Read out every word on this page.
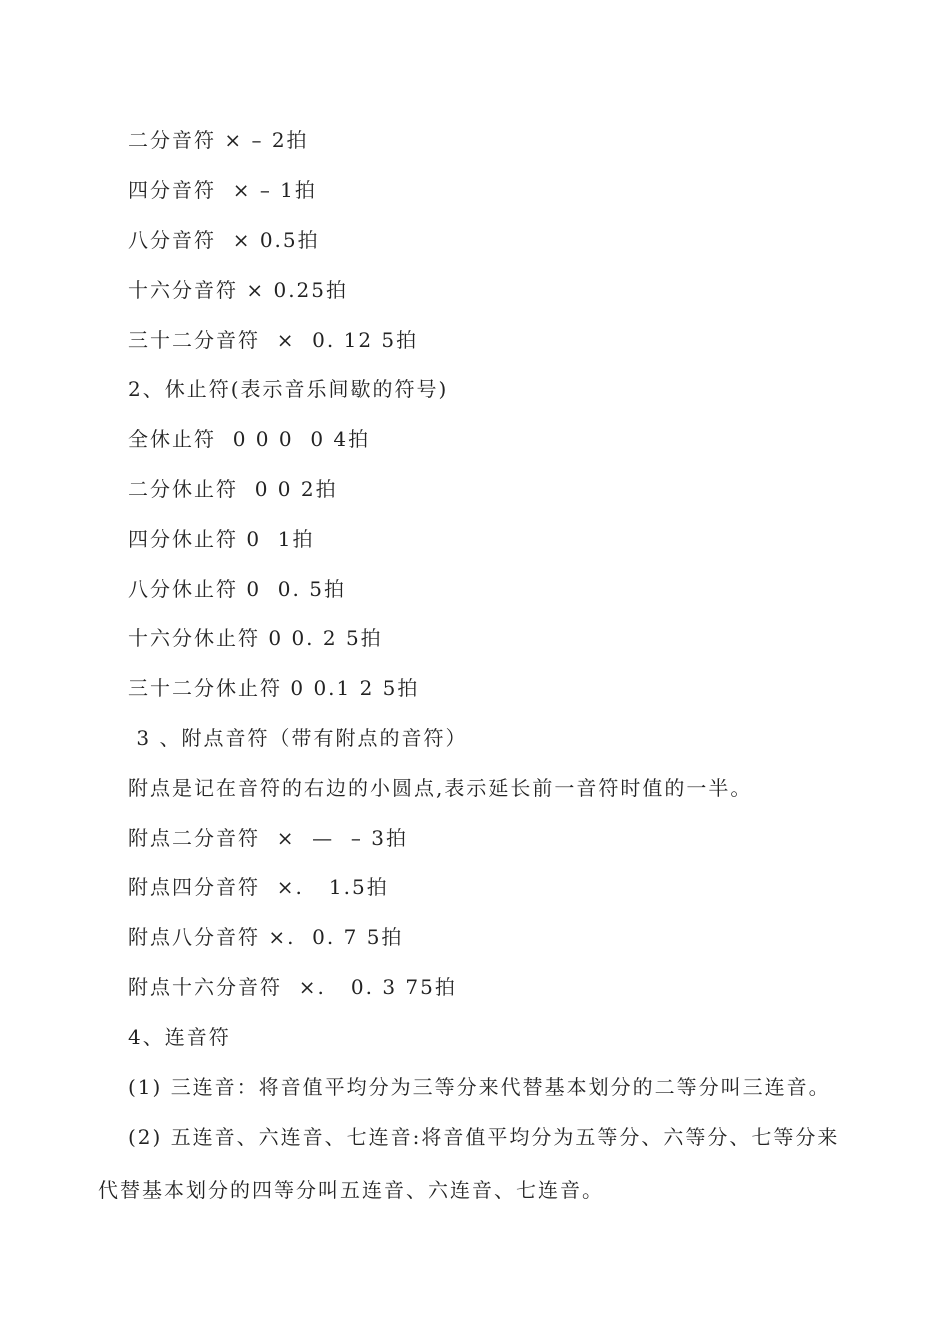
二分音符 × – 2拍
四分音符  × – 1拍
八分音符  × 0.5拍
十六分音符 × 0.25拍
三十二分音符  ×  0. 12 5拍
2、休止符(表示音乐间歇的符号)
全休止符  0 0 0  0 4拍
二分休止符  0 0 2拍
四分休止符 0  1拍
八分休止符 0  0. 5拍
十六分休止符 0 0. 2 5拍
三十二分休止符 0 0.1 2 5拍
3 、附点音符（带有附点的音符）
附点是记在音符的右边的小圆点,表示延长前一音符时值的一半。
附点二分音符  ×  —  – 3拍
附点四分音符  ×.   1.5拍
附点八分音符 ×.  0. 7 5拍
附点十六分音符  ×.   0. 3 75拍
4、连音符
(1) 三连音：将音值平均分为三等分来代替基本划分的二等分叫三连音。
(2) 五连音、六连音、七连音:将音值平均分为五等分、六等分、七等分来
代替基本划分的四等分叫五连音、六连音、七连音。
